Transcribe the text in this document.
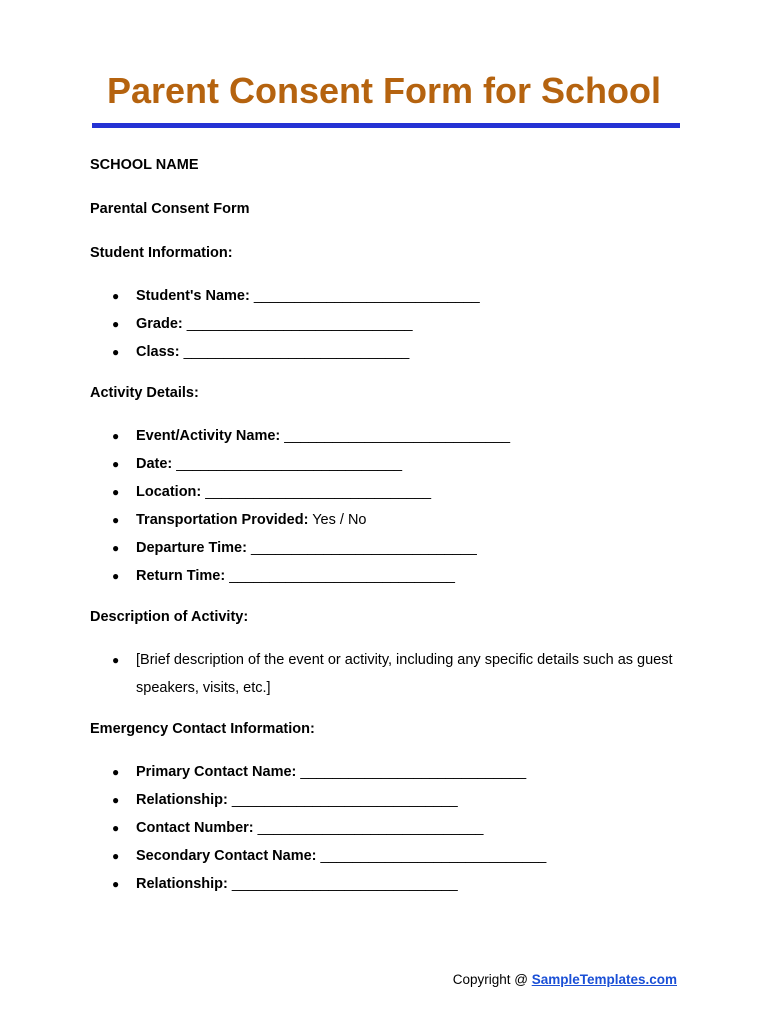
Parent Consent Form for School

SCHOOL NAME

Parental Consent Form

Student Information:

● Student's Name: ____________________________
● Grade: ____________________________
● Class: ____________________________

Activity Details:

● Event/Activity Name: ____________________________
● Date: ____________________________
● Location: ____________________________
● Transportation Provided: Yes / No
● Departure Time: ____________________________
● Return Time: ____________________________

Description of Activity:

● [Brief description of the event or activity, including any specific details such as guest speakers, visits, etc.]

Emergency Contact Information:

● Primary Contact Name: ____________________________
● Relationship: ____________________________
● Contact Number: ____________________________
● Secondary Contact Name: ____________________________
● Relationship: ____________________________
Copyright @ SampleTemplates.com
